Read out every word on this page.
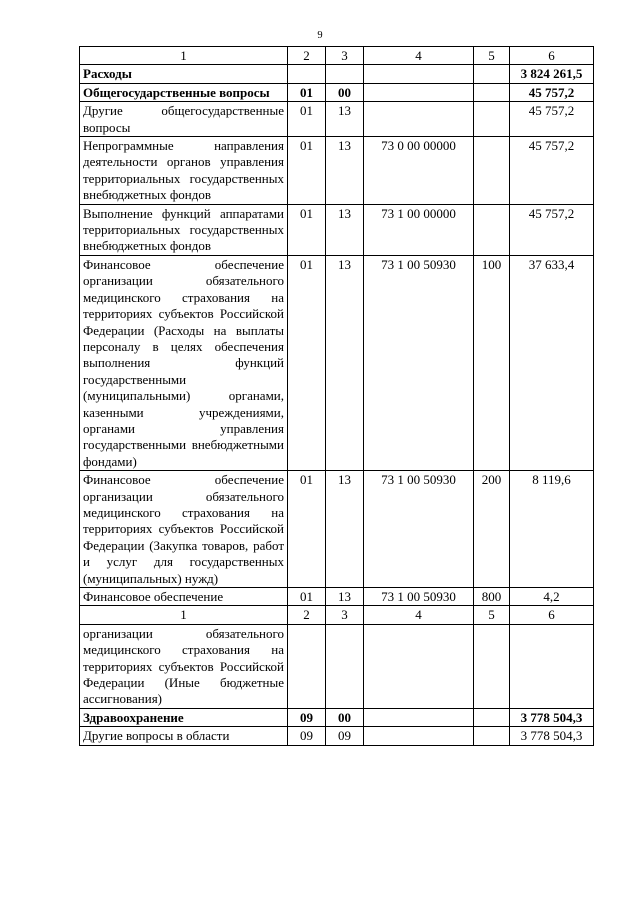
9
1	2	3	4	5	6
Расходы					3 824 261,5
Общегосударственные вопросы	01	00			45 757,2
Другие общегосударственные вопросы	01	13			45 757,2
Непрограммные направления деятельности органов управления территориальных государственных внебюджетных фондов	01	13	73 0 00 00000		45 757,2
Выполнение функций аппаратами территориальных государственных внебюджетных фондов	01	13	73 1 00 00000		45 757,2
Финансовое обеспечение организации обязательного медицинского страхования на территориях субъектов Российской Федерации (Расходы на выплаты персоналу в целях обеспечения выполнения функций государственными (муниципальными) органами, казенными учреждениями, органами управления государственными внебюджетными фондами)	01	13	73 1 00 50930	100	37 633,4
Финансовое обеспечение организации обязательного медицинского страхования на территориях субъектов Российской Федерации (Закупка товаров, работ и услуг для государственных (муниципальных) нужд)	01	13	73 1 00 50930	200	8 119,6
Финансовое обеспечение	01	13	73 1 00 50930	800	4,2
1	2	3	4	5	6
организации обязательного медицинского страхования на территориях субъектов Российской Федерации (Иные бюджетные ассигнования)					
Здравоохранение	09	00			3 778 504,3
Другие вопросы в области	09	09			3 778 504,3
